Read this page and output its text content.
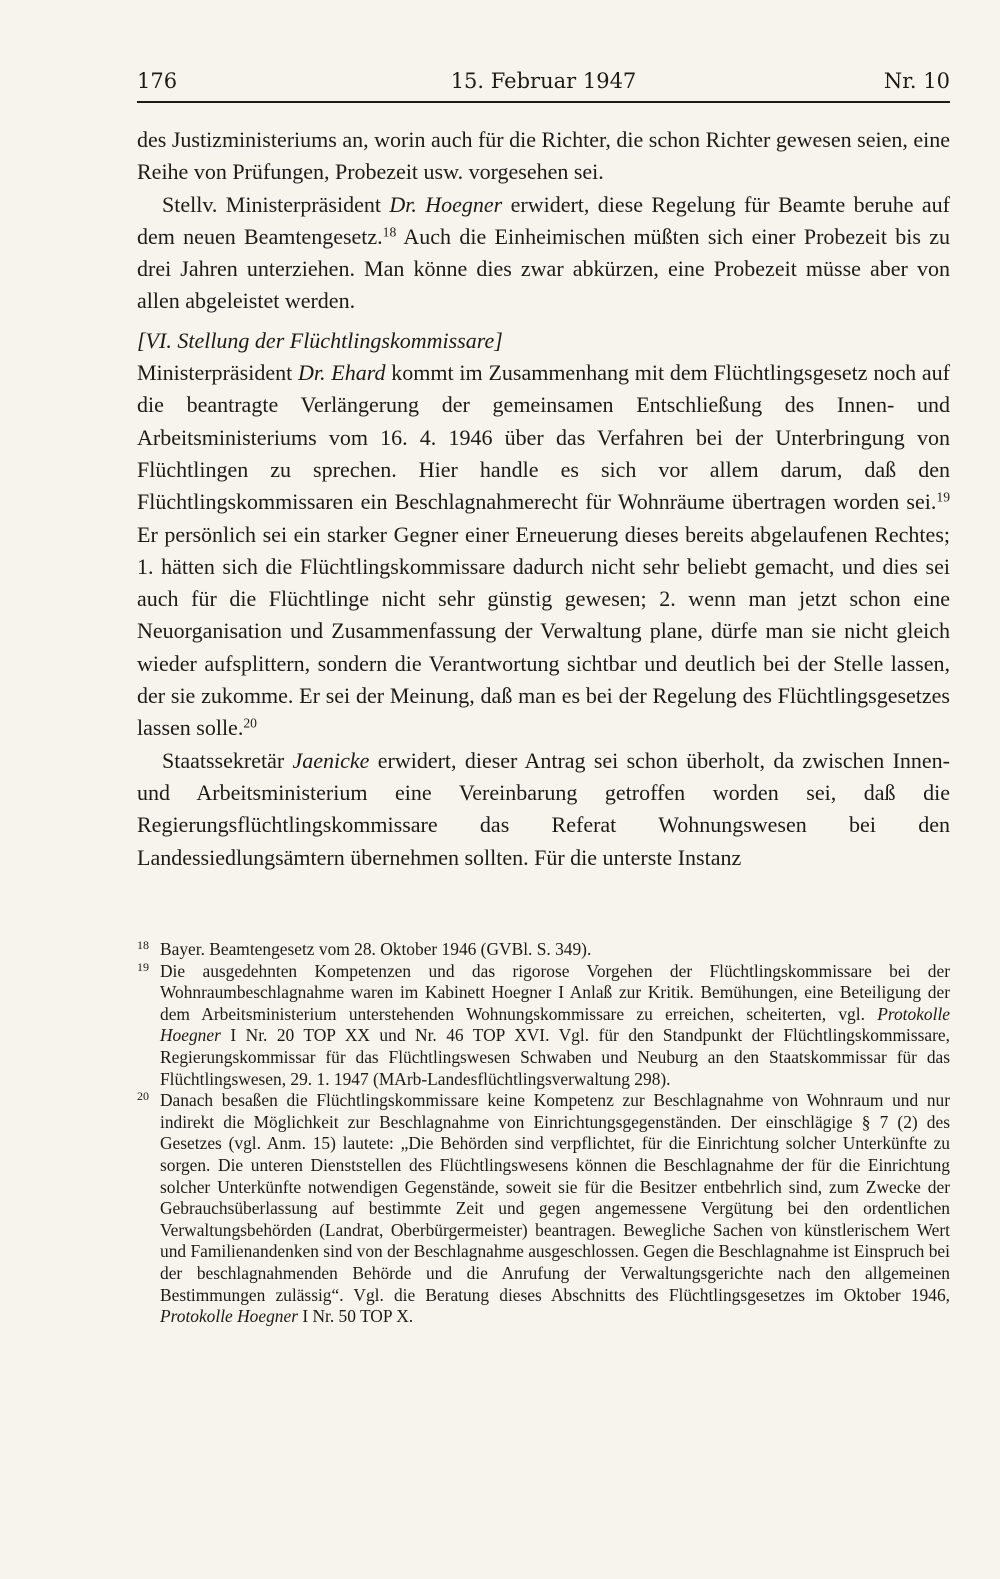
176	15. Februar 1947	Nr. 10

des Justizministeriums an, worin auch für die Richter, die schon Richter gewesen seien, eine Reihe von Prüfungen, Probezeit usw. vorgesehen sei.

Stellv. Ministerpräsident Dr. Hoegner erwidert, diese Regelung für Beamte beruhe auf dem neuen Beamtengesetz.$^{18}$ Auch die Einheimischen müßten sich einer Probezeit bis zu drei Jahren unterziehen. Man könne dies zwar abkürzen, eine Probezeit müsse aber von allen abgeleistet werden.

[VI. Stellung der Flüchtlingskommissare]

Ministerpräsident Dr. Ehard kommt im Zusammenhang mit dem Flüchtlingsgesetz noch auf die beantragte Verlängerung der gemeinsamen Entschließung des Innen- und Arbeitsministeriums vom 16. 4. 1946 über das Verfahren bei der Unterbringung von Flüchtlingen zu sprechen. Hier handle es sich vor allem darum, daß den Flüchtlingskommissaren ein Beschlagnahmerecht für Wohnräume übertragen worden sei.$^{19}$ Er persönlich sei ein starker Gegner einer Erneuerung dieses bereits abgelaufenen Rechtes; 1. hätten sich die Flüchtlingskommissare dadurch nicht sehr beliebt gemacht, und dies sei auch für die Flüchtlinge nicht sehr günstig gewesen; 2. wenn man jetzt schon eine Neuorganisation und Zusammenfassung der Verwaltung plane, dürfe man sie nicht gleich wieder aufsplittern, sondern die Verantwortung sichtbar und deutlich bei der Stelle lassen, der sie zukomme. Er sei der Meinung, daß man es bei der Regelung des Flüchtlingsgesetzes lassen solle.$^{20}$

Staatssekretär Jaenicke erwidert, dieser Antrag sei schon überholt, da zwischen Innen- und Arbeitsministerium eine Vereinbarung getroffen worden sei, daß die Regierungsflüchtlingskommissare das Referat Wohnungswesen bei den Landessiedlungsämtern übernehmen sollten. Für die unterste Instanz

18 Bayer. Beamtengesetz vom 28. Oktober 1946 (GVBl. S. 349).

19 Die ausgedehnten Kompetenzen und das rigorose Vorgehen der Flüchtlingskommissare bei der Wohnraumbeschlagnahme waren im Kabinett Hoegner I Anlaß zur Kritik. Bemühungen, eine Beteiligung der dem Arbeitsministerium unterstehenden Wohnungskommissare zu erreichen, scheiterten, vgl. Protokolle Hoegner I Nr. 20 TOP XX und Nr. 46 TOP XVI. Vgl. für den Standpunkt der Flüchtlingskommissare, Regierungskommissar für das Flüchtlingswesen Schwaben und Neuburg an den Staatskommissar für das Flüchtlingswesen, 29. 1. 1947 (MArb-Landesflüchtlingsverwaltung 298).

20 Danach besaßen die Flüchtlingskommissare keine Kompetenz zur Beschlagnahme von Wohnraum und nur indirekt die Möglichkeit zur Beschlagnahme von Einrichtungsgegenständen. Der einschlägige § 7 (2) des Gesetzes (vgl. Anm. 15) lautete: „Die Behörden sind verpflichtet, für die Einrichtung solcher Unterkünfte zu sorgen. Die unteren Dienststellen des Flüchtlingswesens können die Beschlagnahme der für die Einrichtung solcher Unterkünfte notwendigen Gegenstände, soweit sie für die Besitzer entbehrlich sind, zum Zwecke der Gebrauchsüberlassung auf bestimmte Zeit und gegen angemessene Vergütung bei den ordentlichen Verwaltungsbehörden (Landrat, Oberbürgermeister) beantragen. Bewegliche Sachen von künstlerischem Wert und Familienandenken sind von der Beschlagnahme ausgeschlossen. Gegen die Beschlagnahme ist Einspruch bei der beschlagnahmenden Behörde und die Anrufung der Verwaltungsgerichte nach den allgemeinen Bestimmungen zulässig“. Vgl. die Beratung dieses Abschnitts des Flüchtlingsgesetzes im Oktober 1946, Protokolle Hoegner I Nr. 50 TOP X.
